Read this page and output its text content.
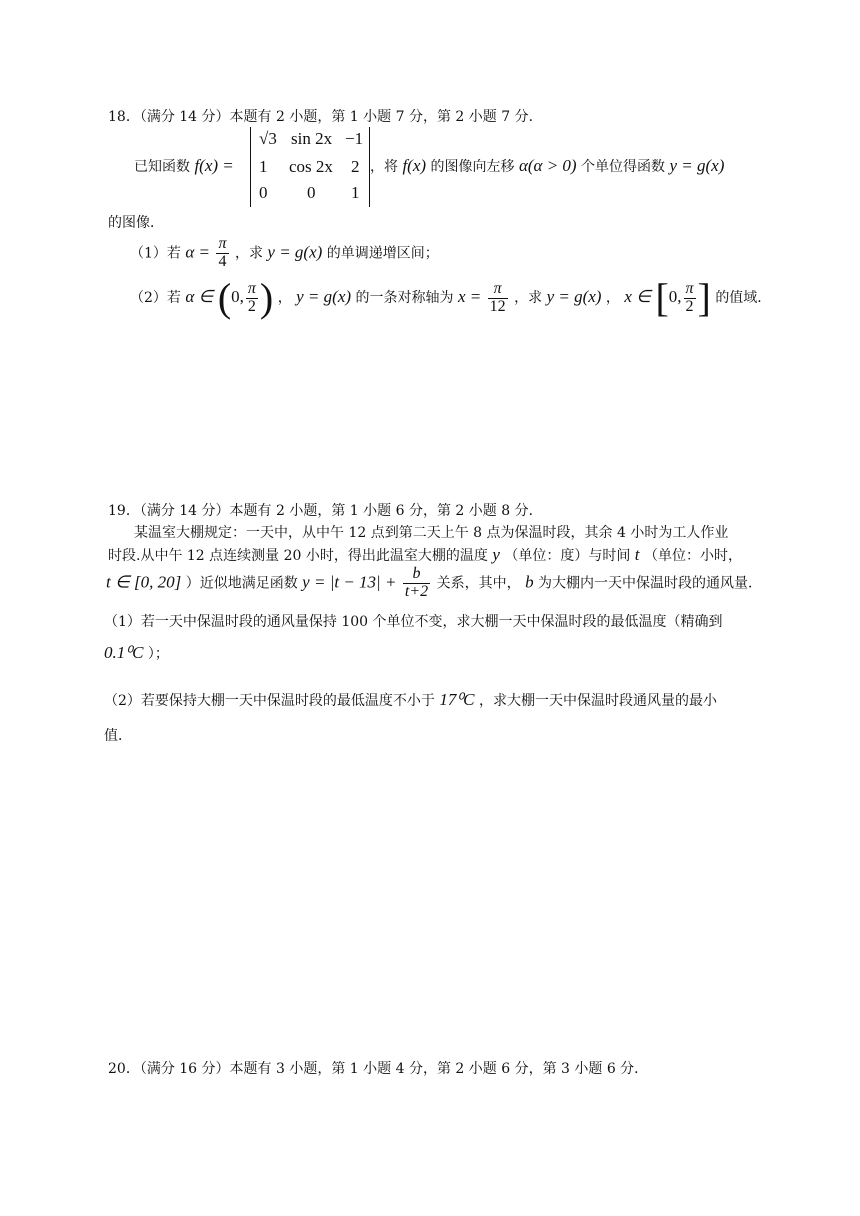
18．（满分 14 分）本题有 2 小题，第 1 小题 7 分，第 2 小题 7 分．
已知函数 f(x) =
√3 sin 2x −1
1 cos 2x 2
0 0 1
，将 f(x) 的图像向左移 α(α > 0) 个单位得函数 y = g(x)
的图像．
（1）若 $\alpha = \frac{\pi}{4}$ ，求 y = g(x) 的单调递增区间；
（2）若 α ∈ (0, $\frac{\pi}{2}$ ) ， y = g(x) 的一条对称轴为 $x = \frac{\pi}{12}$ ，求 y = g(x) ， x ∈ [0, $\frac{\pi}{2}$ ] 的值域．
19．（满分 14 分）本题有 2 小题，第 1 小题 6 分，第 2 小题 8 分．
某温室大棚规定：一天中，从中午 12 点到第二天上午 8 点为保温时段，其余 4 小时为工人作业
时段.从中午 12 点连续测量 20 小时，得出此温室大棚的温度 y （单位：度）与时间 t （单位：小时，
t ∈ [0, 20] ）近似地满足函数 $y = |t - 13| + \frac{b}{t+2}$ 关系，其中， b 为大棚内一天中保温时段的通风量．
（1）若一天中保温时段的通风量保持 100 个单位不变，求大棚一天中保温时段的最低温度（精确到
0.1⁰C ）；
（2）若要保持大棚一天中保温时段的最低温度不小于 17⁰C ，求大棚一天中保温时段通风量的最小
值．
20．（满分 16 分）本题有 3 小题，第 1 小题 4 分，第 2 小题 6 分，第 3 小题 6 分．
